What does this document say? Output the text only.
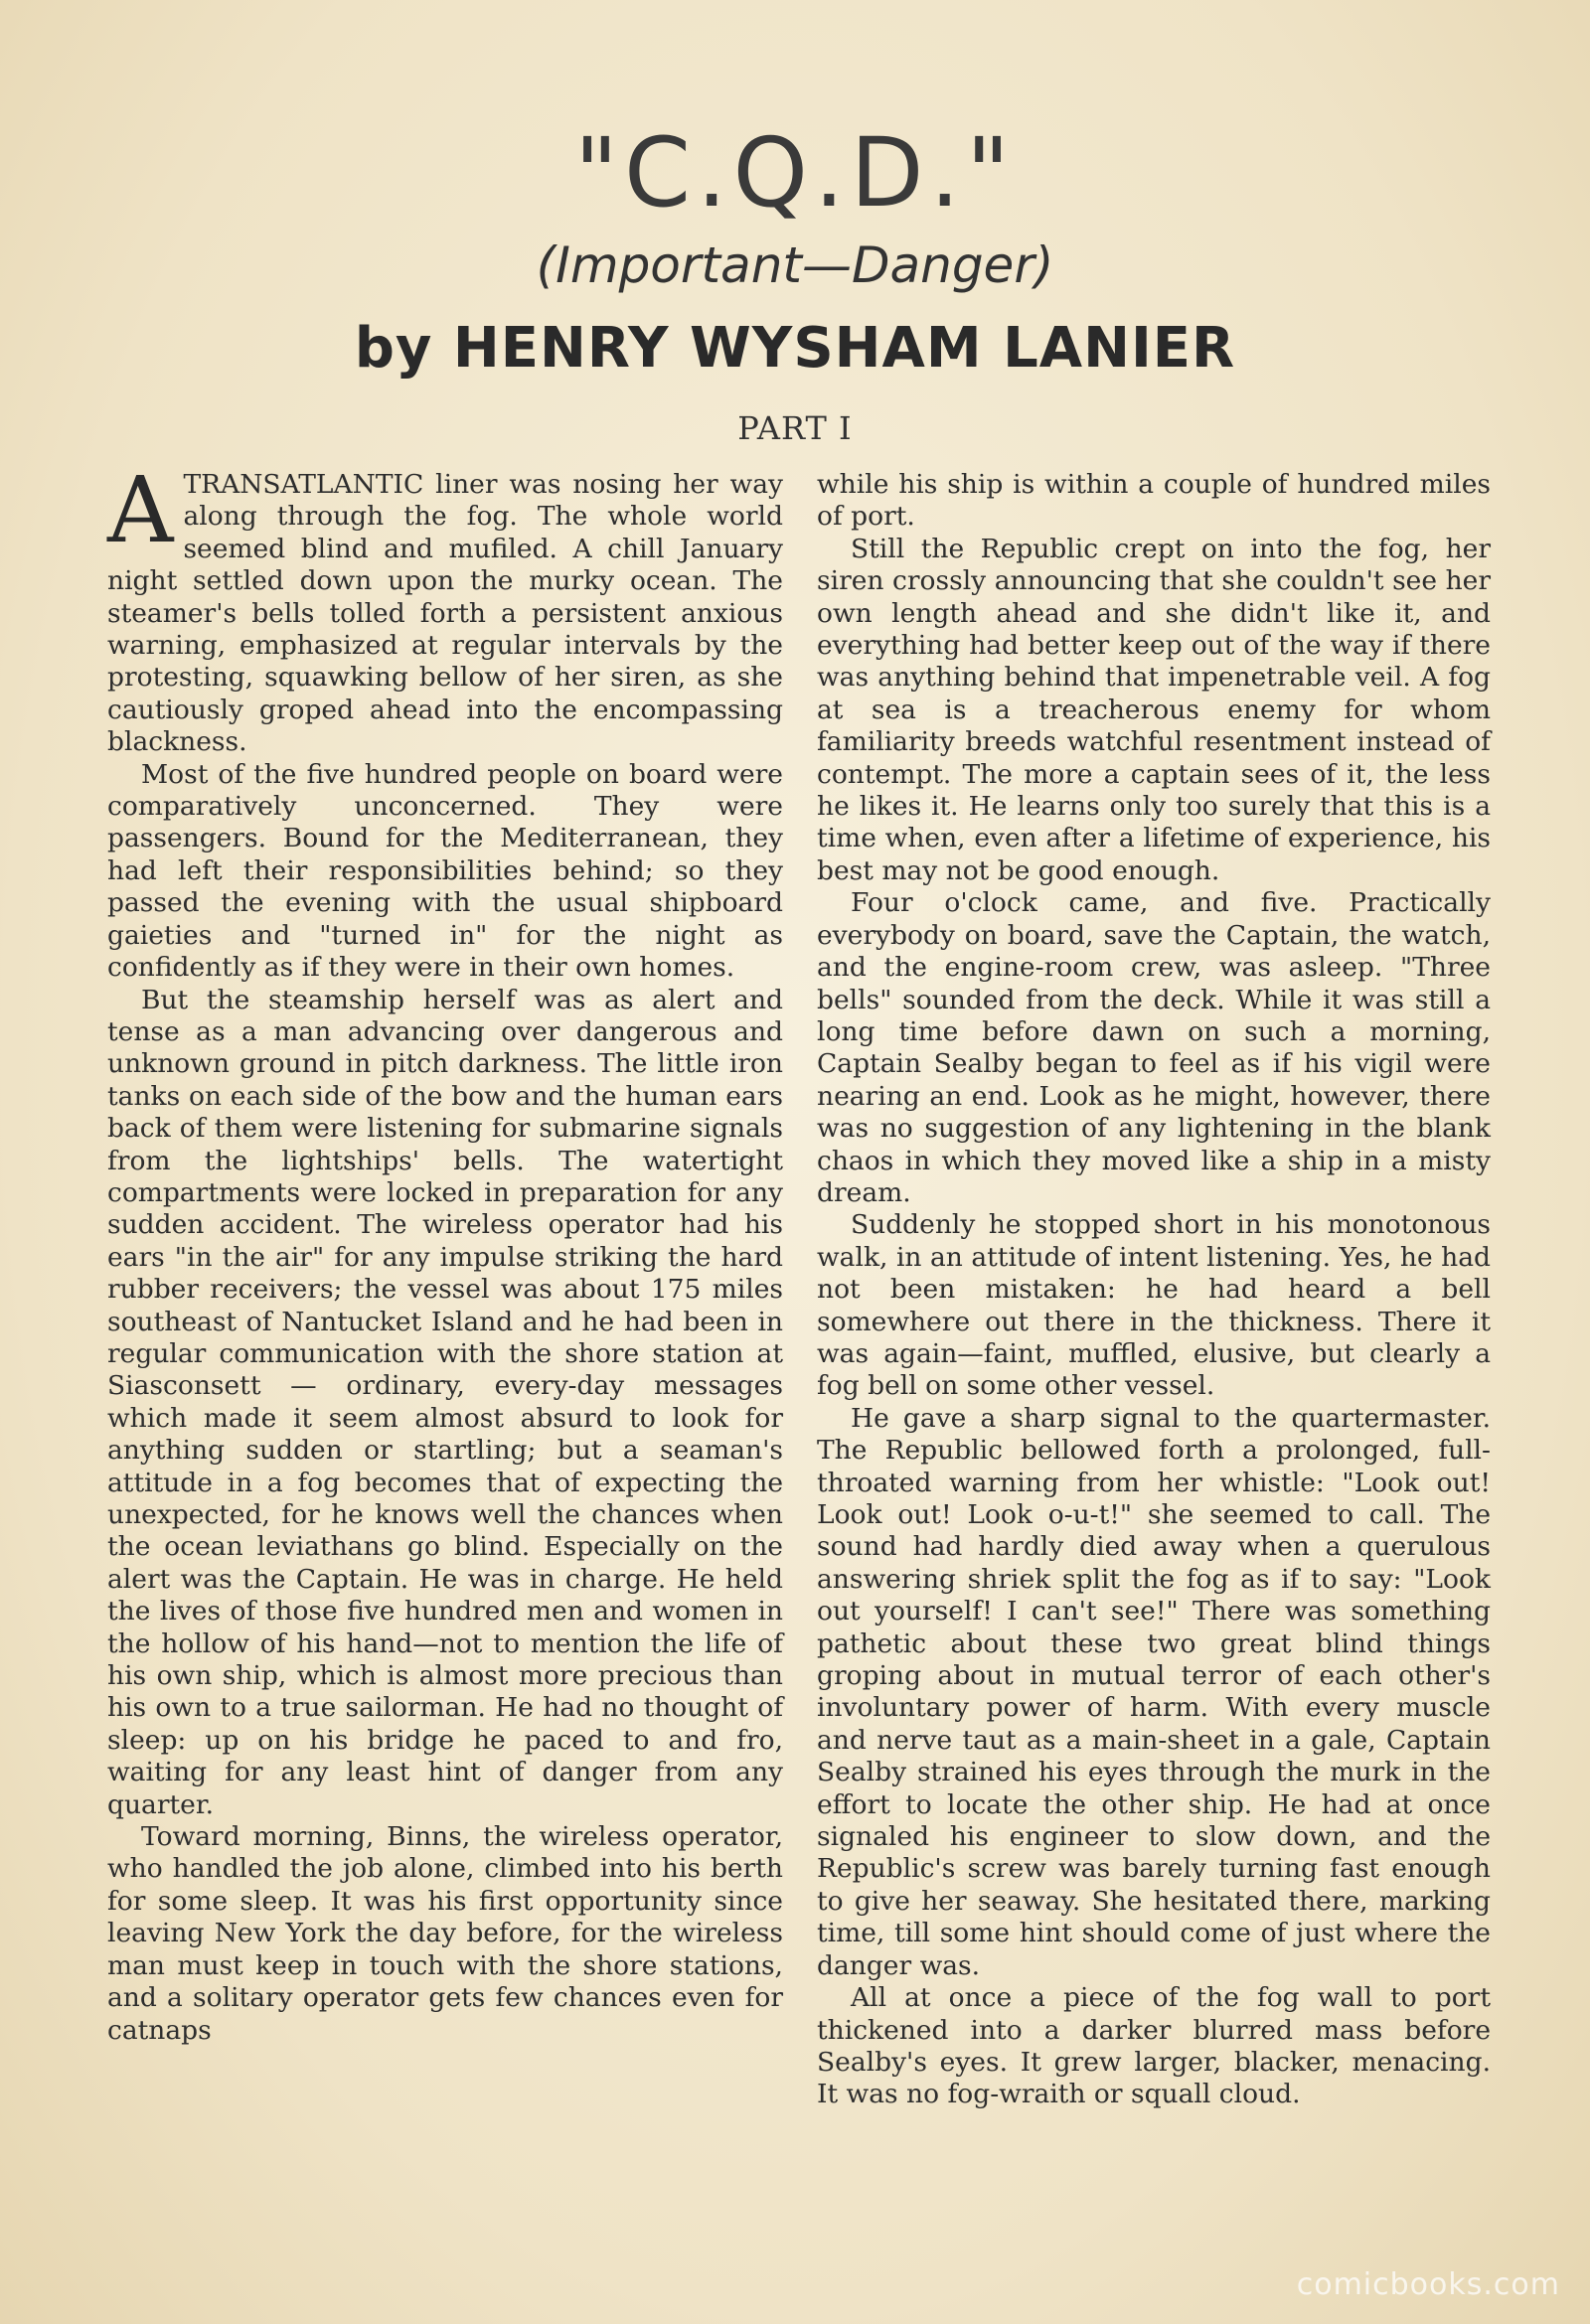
"C.Q.D."
(Important—Danger)
by HENRY WYSHAM LANIER
PART I

A TRANSATLANTIC liner was nosing her way along through the fog. The whole world seemed blind and mufiled. A chill January night settled down upon the murky ocean. The steamer's bells tolled forth a persistent anxious warning, emphasized at regular intervals by the protesting, squawking bellow of her siren, as she cautiously groped ahead into the encompassing blackness.

Most of the five hundred people on board were comparatively unconcerned. They were passengers. Bound for the Mediterranean, they had left their responsibilities behind; so they passed the evening with the usual shipboard gaieties and "turned in" for the night as confidently as if they were in their own homes.

But the steamship herself was as alert and tense as a man advancing over dangerous and unknown ground in pitch darkness. The little iron tanks on each side of the bow and the human ears back of them were listening for submarine signals from the lightships' bells. The watertight compartments were locked in preparation for any sudden accident. The wireless operator had his ears "in the air" for any impulse striking the hard rubber receivers; the vessel was about 175 miles southeast of Nantucket Island and he had been in regular communication with the shore station at Siasconsett — ordinary, every-day messages which made it seem almost absurd to look for anything sudden or startling; but a seaman's attitude in a fog becomes that of expecting the unexpected, for he knows well the chances when the ocean leviathans go blind. Especially on the alert was the Captain. He was in charge. He held the lives of those five hundred men and women in the hollow of his hand—not to mention the life of his own ship, which is almost more precious than his own to a true sailorman. He had no thought of sleep: up on his bridge he paced to and fro, waiting for any least hint of danger from any quarter.

Toward morning, Binns, the wireless operator, who handled the job alone, climbed into his berth for some sleep. It was his first opportunity since leaving New York the day before, for the wireless man must keep in touch with the shore stations, and a solitary operator gets few chances even for catnaps

while his ship is within a couple of hundred miles of port.

Still the Republic crept on into the fog, her siren crossly announcing that she couldn't see her own length ahead and she didn't like it, and everything had better keep out of the way if there was anything behind that impenetrable veil. A fog at sea is a treacherous enemy for whom familiarity breeds watchful resentment instead of contempt. The more a captain sees of it, the less he likes it. He learns only too surely that this is a time when, even after a lifetime of experience, his best may not be good enough.

Four o'clock came, and five. Practically everybody on board, save the Captain, the watch, and the engine-room crew, was asleep. "Three bells" sounded from the deck. While it was still a long time before dawn on such a morning, Captain Sealby began to feel as if his vigil were nearing an end. Look as he might, however, there was no suggestion of any lightening in the blank chaos in which they moved like a ship in a misty dream.

Suddenly he stopped short in his monotonous walk, in an attitude of intent listening. Yes, he had not been mistaken: he had heard a bell somewhere out there in the thickness. There it was again—faint, muffled, elusive, but clearly a fog bell on some other vessel.

He gave a sharp signal to the quartermaster. The Republic bellowed forth a prolonged, full-throated warning from her whistle: "Look out! Look out! Look o-u-t!" she seemed to call. The sound had hardly died away when a querulous answering shriek split the fog as if to say: "Look out yourself! I can't see!" There was something pathetic about these two great blind things groping about in mutual terror of each other's involuntary power of harm. With every muscle and nerve taut as a main-sheet in a gale, Captain Sealby strained his eyes through the murk in the effort to locate the other ship. He had at once signaled his engineer to slow down, and the Republic's screw was barely turning fast enough to give her seaway. She hesitated there, marking time, till some hint should come of just where the danger was.

All at once a piece of the fog wall to port thickened into a darker blurred mass before Sealby's eyes. It grew larger, blacker, menacing. It was no fog-wraith or squall cloud.

comicbooks.com
